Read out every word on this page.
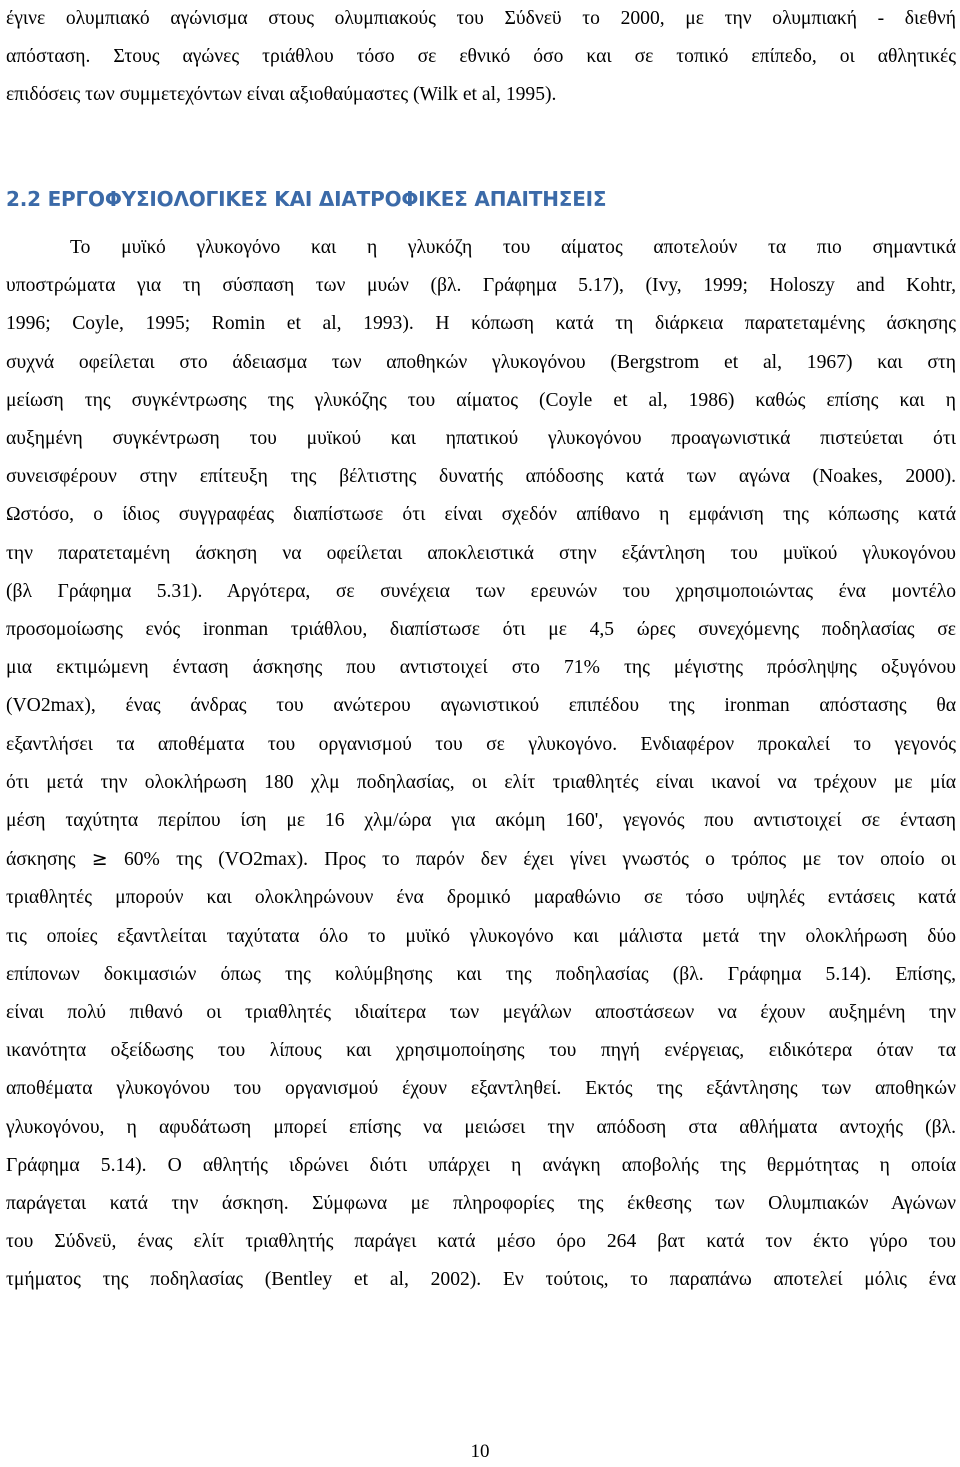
έγινε ολυμπιακό αγώνισμα στους ολυμπιακούς του Σύδνεϋ το 2000, με την ολυμπιακή - διεθνή
απόσταση. Στους αγώνες τριάθλου τόσο σε εθνικό όσο και σε τοπικό επίπεδο, οι αθλητικές
επιδόσεις των συμμετεχόντων είναι αξιοθαύμαστες (Wilk et al, 1995).
2.2 ΕΡΓΟΦΥΣΙΟΛΟΓΙΚΕΣ ΚΑΙ ΔΙΑΤΡΟΦΙΚΕΣ ΑΠΑΙΤΗΣΕΙΣ
Το μυϊκό γλυκογόνο και η γλυκόζη του αίματος αποτελούν τα πιο σημαντικά
υποστρώματα για τη σύσπαση των μυών (βλ. Γράφημα 5.17), (Ivy, 1999; Holoszy and Kohtr,
1996; Coyle, 1995; Romin et al, 1993). Η κόπωση κατά τη διάρκεια παρατεταμένης άσκησης
συχνά οφείλεται στο άδειασμα των αποθηκών γλυκογόνου (Bergstrom et al, 1967) και στη
μείωση της συγκέντρωσης της γλυκόζης του αίματος (Coyle et al, 1986) καθώς επίσης και η
αυξημένη συγκέντρωση του μυϊκού και ηπατικού γλυκογόνου προαγωνιστικά πιστεύεται ότι
συνεισφέρουν στην επίτευξη της βέλτιστης δυνατής απόδοσης κατά των αγώνα (Noakes, 2000).
Ωστόσο, ο ίδιος συγγραφέας διαπίστωσε ότι είναι σχεδόν απίθανο η εμφάνιση της κόπωσης κατά
την παρατεταμένη άσκηση να οφείλεται αποκλειστικά στην εξάντληση του μυϊκού γλυκογόνου
(βλ Γράφημα 5.31). Αργότερα, σε συνέχεια των ερευνών του χρησιμοποιώντας ένα μοντέλο
προσομοίωσης ενός ironman τριάθλου, διαπίστωσε ότι με 4,5 ώρες συνεχόμενης ποδηλασίας σε
μια εκτιμώμενη ένταση άσκησης που αντιστοιχεί στο 71% της μέγιστης πρόσληψης οξυγόνου
(VO2max), ένας άνδρας του ανώτερου αγωνιστικού επιπέδου της ironman απόστασης θα
εξαντλήσει τα αποθέματα του οργανισμού του σε γλυκογόνο. Ενδιαφέρον προκαλεί το γεγονός
ότι μετά την ολοκλήρωση 180 χλμ ποδηλασίας, οι ελίτ τριαθλητές είναι ικανοί να τρέχουν με μία
μέση ταχύτητα περίπου ίση με 16 χλμ/ώρα για ακόμη 160', γεγονός που αντιστοιχεί σε ένταση
άσκησης ≥ 60% της (VO2max). Προς το παρόν δεν έχει γίνει γνωστός ο τρόπος με τον οποίο οι
τριαθλητές μπορούν και ολοκληρώνουν ένα δρομικό μαραθώνιο σε τόσο υψηλές εντάσεις κατά
τις οποίες εξαντλείται ταχύτατα όλο το μυϊκό γλυκογόνο και μάλιστα μετά την ολοκλήρωση δύο
επίπονων δοκιμασιών όπως της κολύμβησης και της ποδηλασίας (βλ. Γράφημα 5.14). Επίσης,
είναι πολύ πιθανό οι τριαθλητές ιδιαίτερα των μεγάλων αποστάσεων να έχουν αυξημένη την
ικανότητα οξείδωσης του λίπους και χρησιμοποίησης του πηγή ενέργειας, ειδικότερα όταν τα
αποθέματα γλυκογόνου του οργανισμού έχουν εξαντληθεί. Εκτός της εξάντλησης των αποθηκών
γλυκογόνου, η αφυδάτωση μπορεί επίσης να μειώσει την απόδοση στα αθλήματα αντοχής (βλ.
Γράφημα 5.14). Ο αθλητής ιδρώνει διότι υπάρχει η ανάγκη αποβολής της θερμότητας η οποία
παράγεται κατά την άσκηση. Σύμφωνα με πληροφορίες της έκθεσης των Ολυμπιακών Αγώνων
του Σύδνεϋ, ένας ελίτ τριαθλητής παράγει κατά μέσο όρο 264 βατ κατά τον έκτο γύρο του
τμήματος της ποδηλασίας (Bentley et al, 2002). Εν τούτοις, το παραπάνω αποτελεί μόλις ένα
10
